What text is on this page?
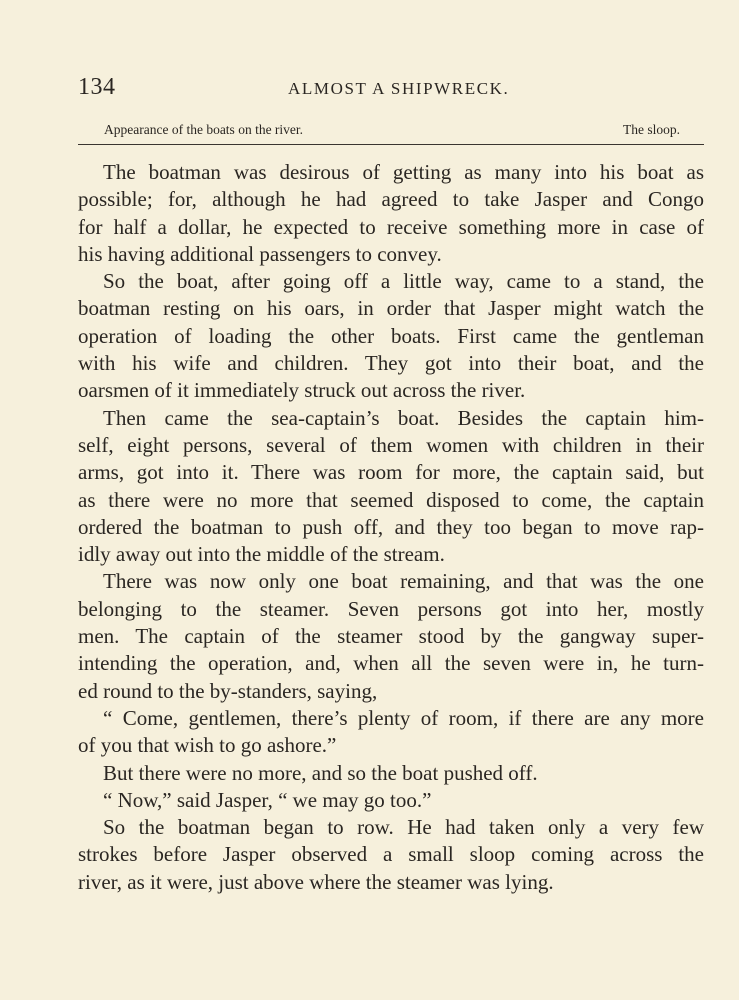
134	ALMOST A SHIPWRECK.
Appearance of the boats on the river.	The sloop.
The boatman was desirous of getting as many into his boat as
possible; for, although he had agreed to take Jasper and Congo
for half a dollar, he expected to receive something more in case of
his having additional passengers to convey.
So the boat, after going off a little way, came to a stand, the
boatman resting on his oars, in order that Jasper might watch the
operation of loading the other boats. First came the gentleman
with his wife and children. They got into their boat, and the
oarsmen of it immediately struck out across the river.
Then came the sea-captain’s boat. Besides the captain him-
self, eight persons, several of them women with children in their
arms, got into it. There was room for more, the captain said, but
as there were no more that seemed disposed to come, the captain
ordered the boatman to push off, and they too began to move rap-
idly away out into the middle of the stream.
There was now only one boat remaining, and that was the one
belonging to the steamer. Seven persons got into her, mostly
men. The captain of the steamer stood by the gangway super-
intending the operation, and, when all the seven were in, he turn-
ed round to the by-standers, saying,
“ Come, gentlemen, there’s plenty of room, if there are any more
of you that wish to go ashore.”
But there were no more, and so the boat pushed off.
“ Now,” said Jasper, “ we may go too.”
So the boatman began to row. He had taken only a very few
strokes before Jasper observed a small sloop coming across the
river, as it were, just above where the steamer was lying.
